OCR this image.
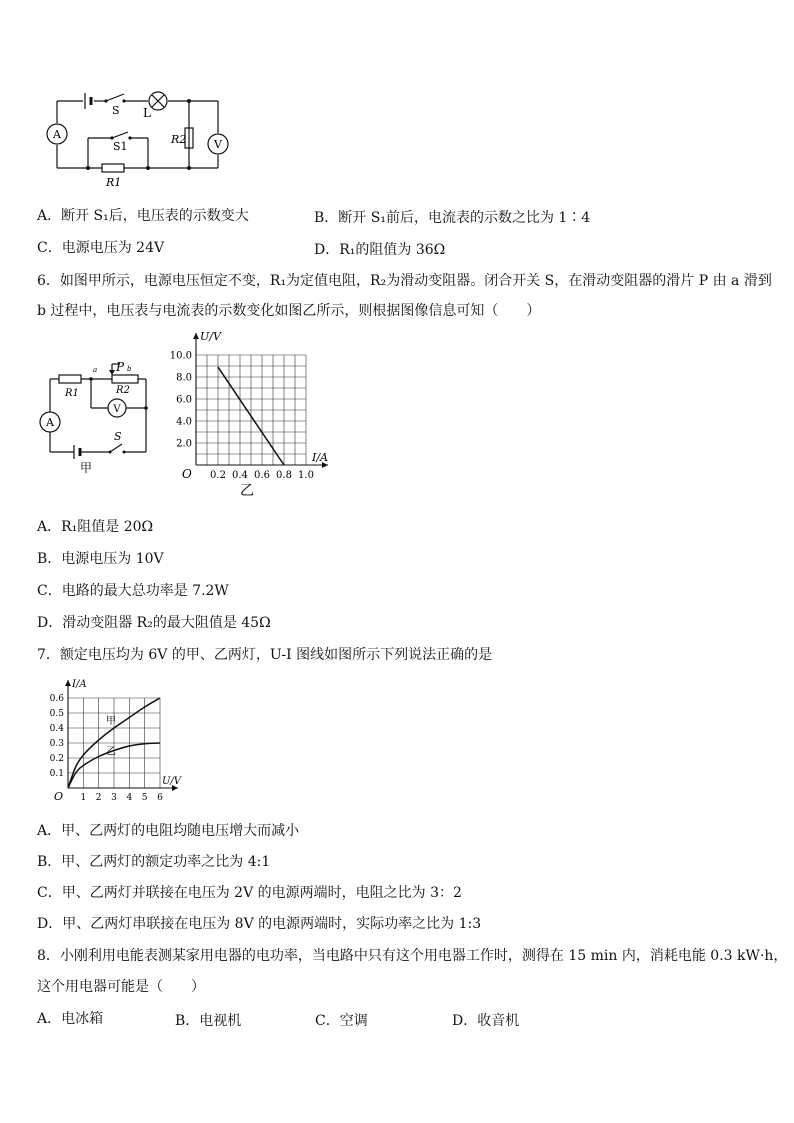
A
V
S L
R2
S1
R1
A．断开 S₁后，电压表的示数变大	B．断开 S₁前后，电流表的示数之比为 1∶4
C．电源电压为 24V	D．R₁的阻值为 36Ω
6．如图甲所示，电源电压恒定不变，R₁为定值电阻，R₂为滑动变阻器。闭合开关 S，在滑动变阻器的滑片 P 由 a 滑到
b 过程中，电压表与电流表的示数变化如图乙所示，则根据图像信息可知（　　）
A
V
a P b
R1	R2
S
甲
0.2 0.4 0.6 0.8 1.0
2.0
4.0
6.0
8.0
10.0
U/V
I/A
O
乙
A．R₁阻值是 20Ω
B．电源电压为 10V
C．电路的最大总功率是 7.2W
D．滑动变阻器 R₂的最大阻值是 45Ω
7．额定电压均为 6V 的甲、乙两灯，U-I 图线如图所示下列说法正确的是
1 2 3 4 5 6
0.1
0.2
0.3
0.4
0.5
0.6
I/A
U/V
O
甲
乙
A．甲、乙两灯的电阻均随电压增大而减小
B．甲、乙两灯的额定功率之比为 4:1
C．甲、乙两灯并联接在电压为 2V 的电源两端时，电阻之比为 3：2
D．甲、乙两灯串联接在电压为 8V 的电源两端时，实际功率之比为 1:3
8．小刚利用电能表测某家用电器的电功率，当电路中只有这个用电器工作时，测得在 15 min 内，消耗电能 0.3 kW·h，
这个用电器可能是（　　）
A．电冰箱	B．电视机	C．空调	D．收音机
